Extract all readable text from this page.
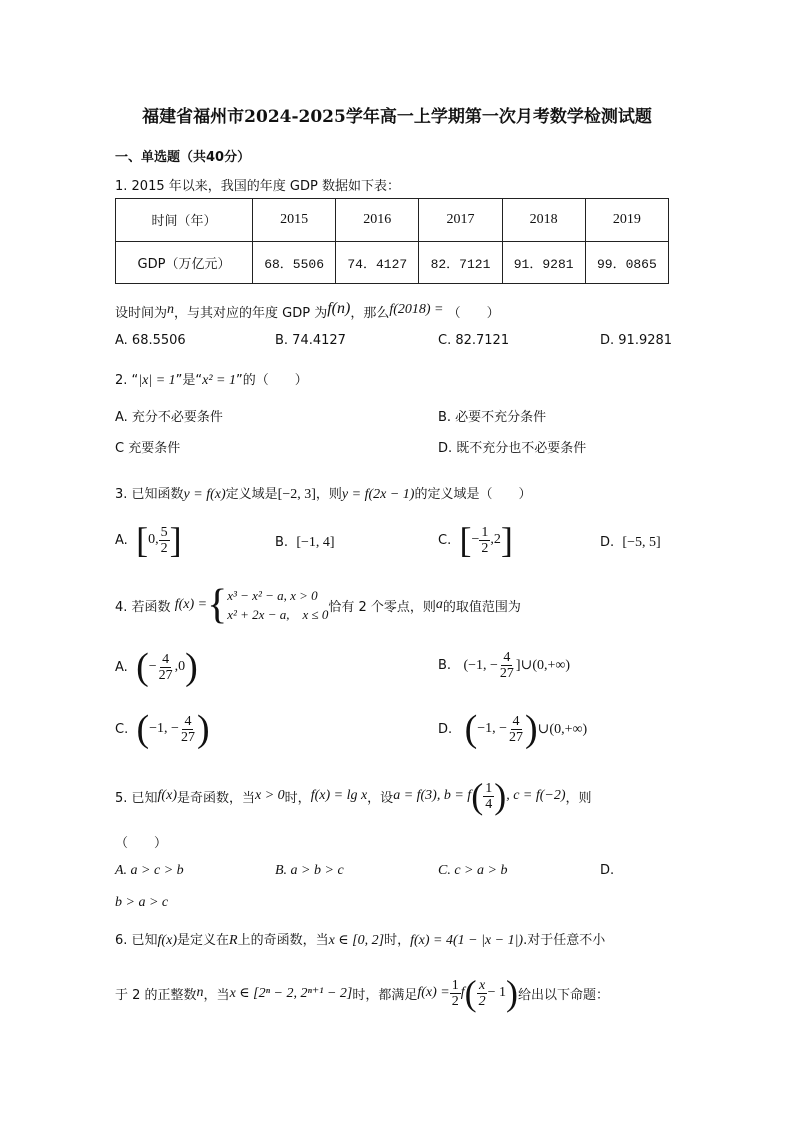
福建省福州市2024-2025学年高一上学期第一次月考数学检测试题
一、单选题（共40分）
1. 2015 年以来，我国的年度 GDP 数据如下表：
时间（年）	2015	2016	2017	2018	2019
GDP（万亿元）	68．5506	74．4127	82．7121	91．9281	99．0865
设时间为n，与其对应的年度 GDP 为f(n)，那么f(2018) = （　　）
A. 68.5506	B. 74.4127	C. 82.7121	D. 91.9281
2. “|x| = 1”是“x² = 1”的（　　）
A. 充分不必要条件	B. 必要不充分条件
C 充要条件	D. 既不充分也不必要条件
3. 已知函数y = f(x)定义域是[−2, 3]，则y = f(2x − 1)的定义域是（　　）
A.
[ 0, $\frac{5}{2}$ ]	B. [−1, 4]	C.
[ − $\frac{1}{2} ,2$ ]	D. [−5, 5]
4. 若函数
f(x) = { x³ − x² − a, x > 0
x² + 2x − a,　x ≤ 0 恰有 2 个零点，则 a 的取值范围为
A.
( − $\frac{4}{27} ,0$ )	B.
(−1, − $\frac{4}{27}$ ]∪(0,+∞)
C.
( −1, − $\frac{4}{27}$ )	D.
( −1, − $\frac{4}{27}$ ) ∪(0,+∞)
5. 已知 f(x) 是奇函数，当 x > 0 时， f(x) = lg x ，设 a = f(3), b = f ( $\frac{1}{4}$ ) , c = f(−2) ，则
（　　）
A. a > c > b	B. a > b > c	C. c > a > b	D.
b > a > c
6. 已知f(x)是定义在R上的奇函数，当x ∈ [0, 2]时，f(x) = 4(1 − |x − 1|).对于任意不小
于 2 的正整数 n ，当 x ∈ [2ⁿ − 2, 2ⁿ⁺¹ − 2] 时，都满足 $f(x) = \frac{1}{2}$ f ( $\frac{x}{2} - 1$ ) 给出以下命题：
